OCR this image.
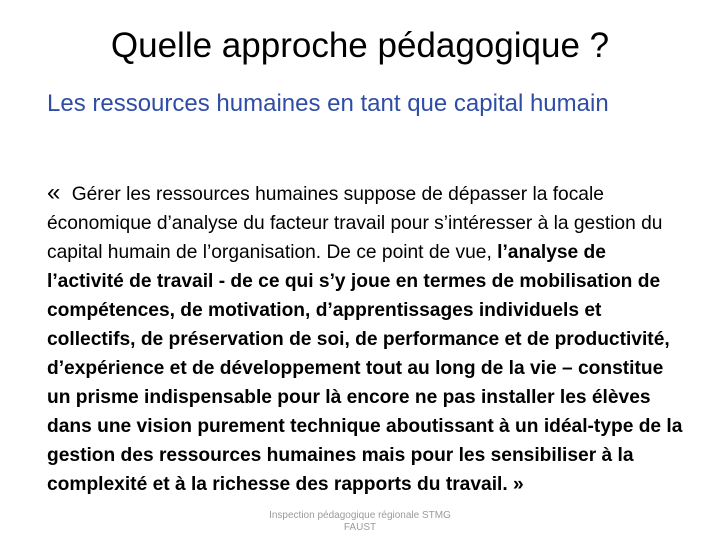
Quelle approche pédagogique ?

Les ressources humaines en tant que capital humain

« Gérer les ressources humaines suppose de dépasser la focale économique d’analyse du facteur travail pour s’intéresser à la gestion du capital humain de l’organisation. De ce point de vue, l’analyse de l’activité de travail - de ce qui s’y joue en termes de mobilisation de compétences, de motivation, d’apprentissages individuels et collectifs, de préservation de soi, de performance et de productivité, d’expérience et de développement tout au long de la vie – constitue un prisme indispensable pour là encore ne pas installer les élèves dans une vision purement technique aboutissant à un idéal-type de la gestion des ressources humaines mais pour les sensibiliser à la complexité et à la richesse des rapports du travail. »

Inspection pédagogique régionale STMG
FAUST
